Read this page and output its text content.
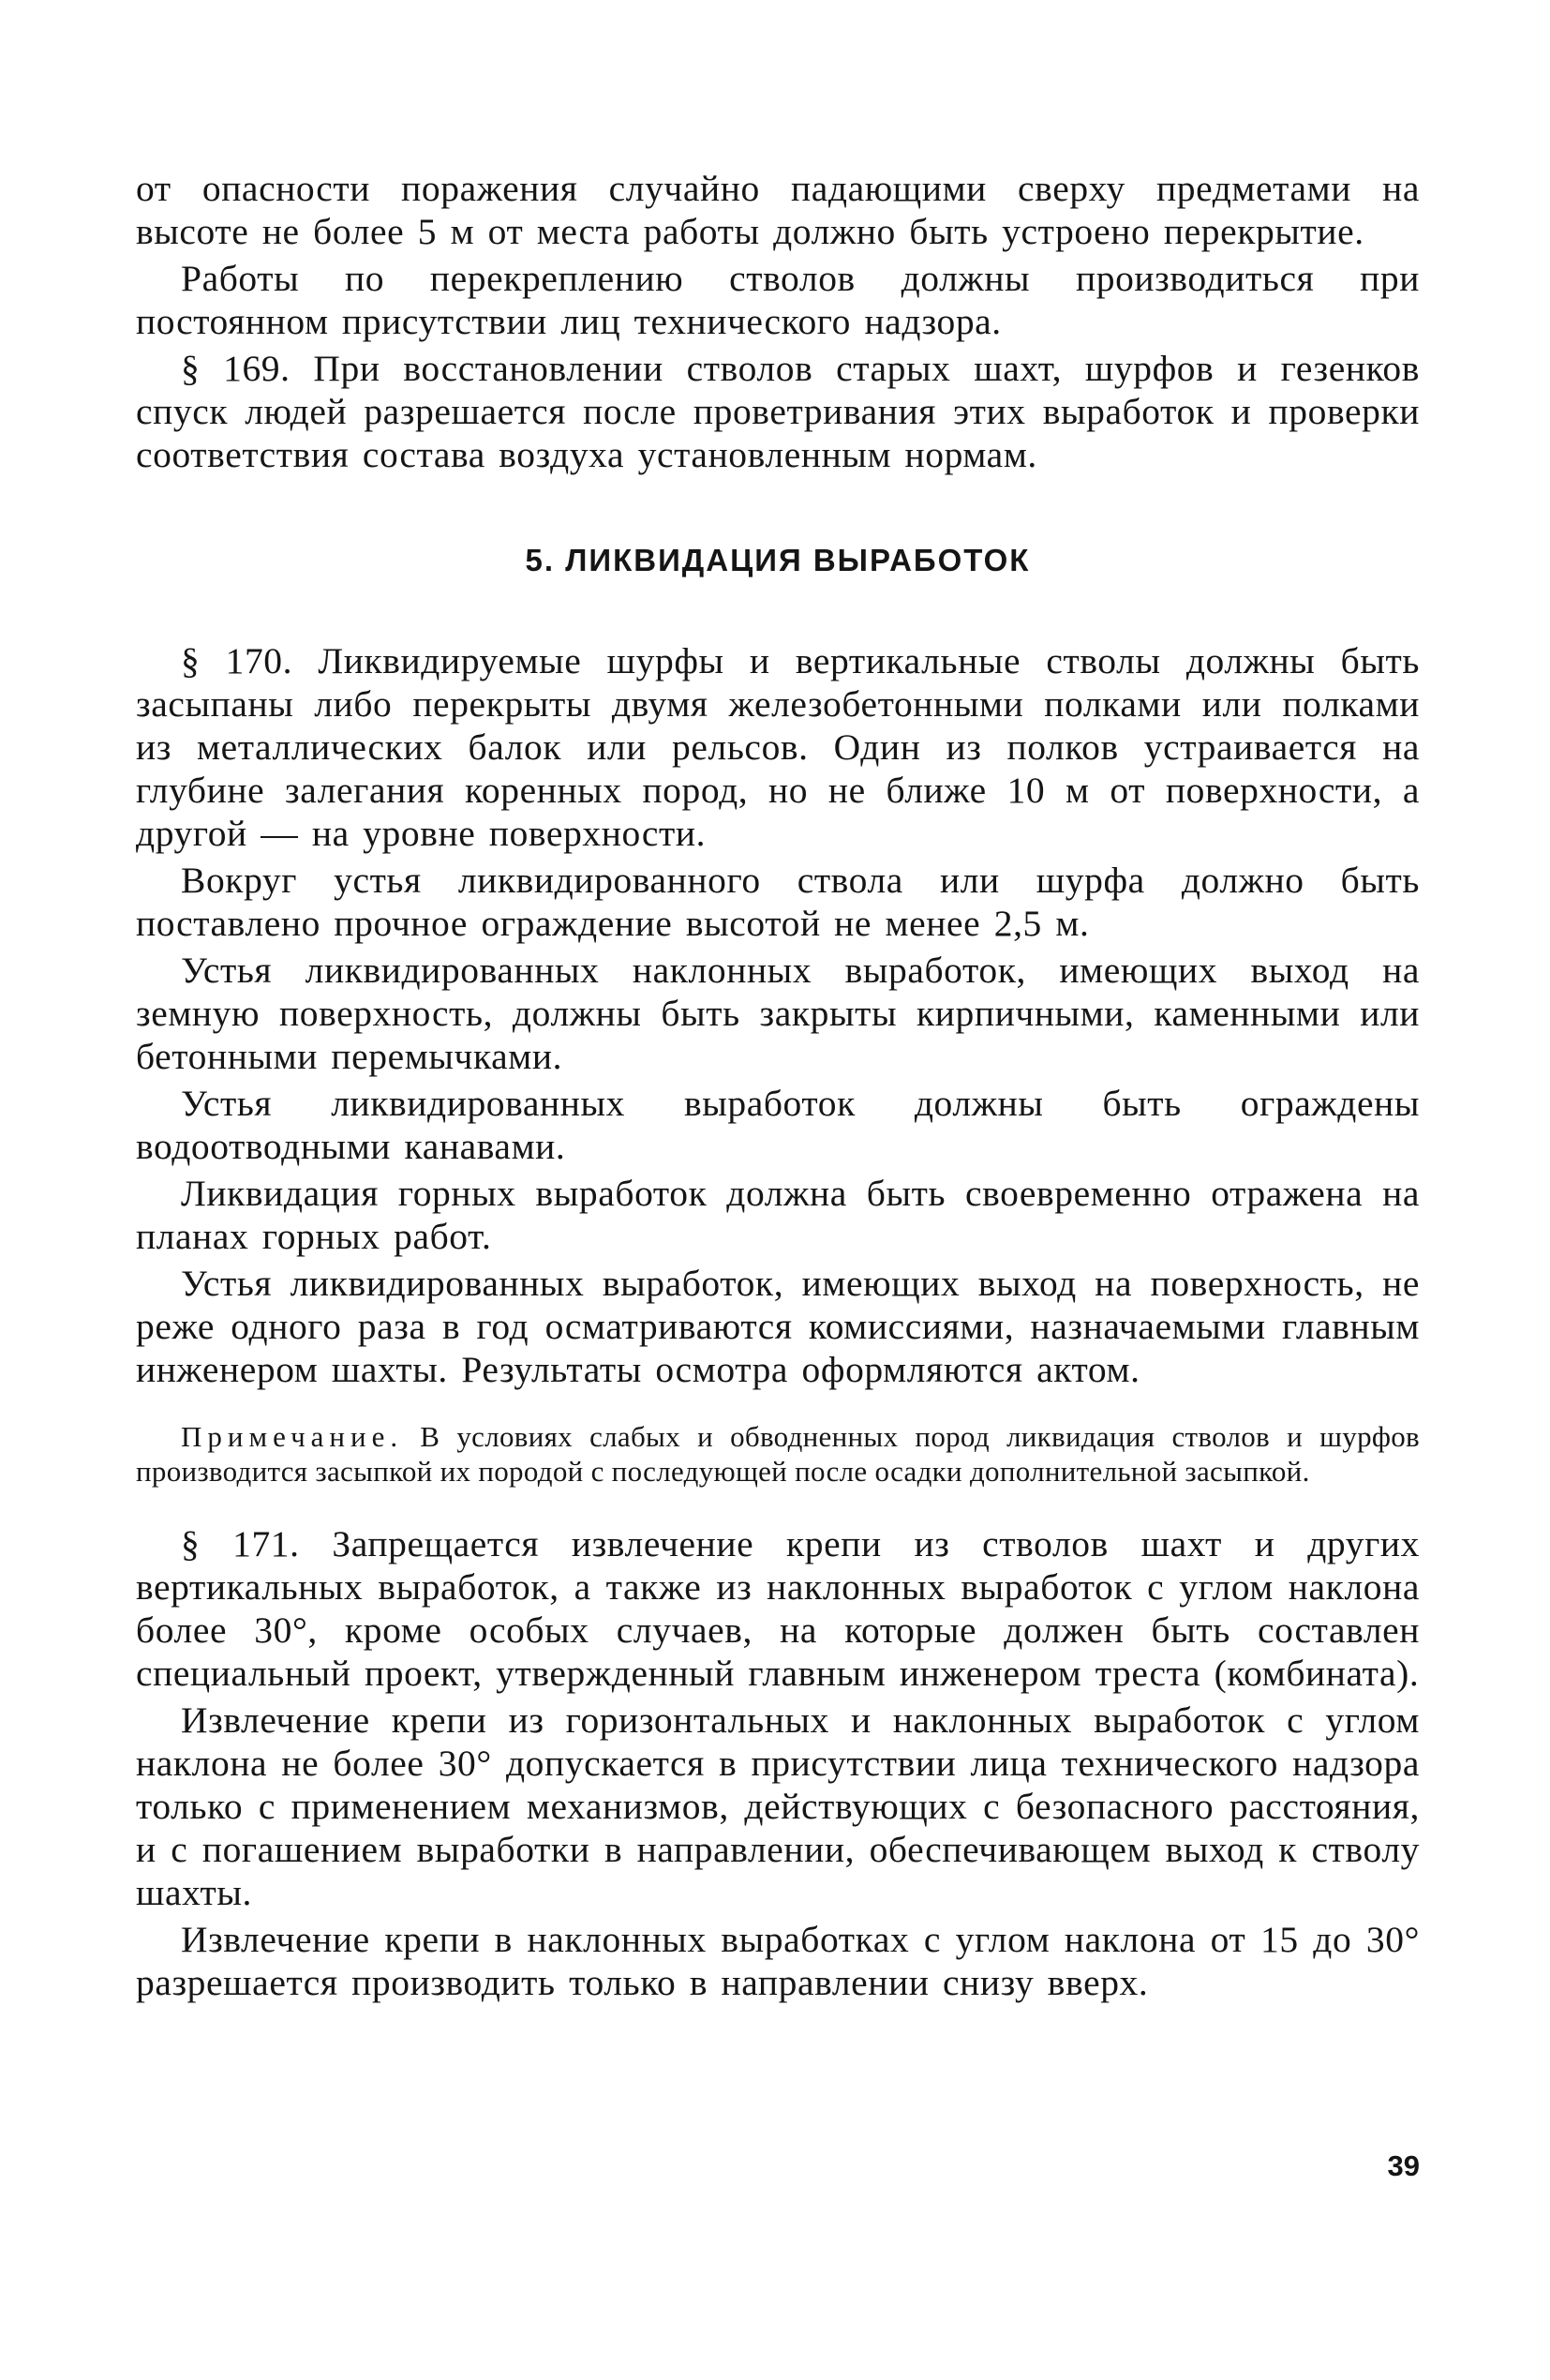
от опасности поражения случайно падающими сверху предметами на высоте не более 5 м от места работы должно быть устроено перекрытие.

Работы по перекреплению стволов должны производиться при постоянном присутствии лиц технического надзора.

§ 169. При восстановлении стволов старых шахт, шурфов и гезенков спуск людей разрешается после проветривания этих выработок и проверки соответствия состава воздуха установленным нормам.

5. ЛИКВИДАЦИЯ ВЫРАБОТОК

§ 170. Ликвидируемые шурфы и вертикальные стволы должны быть засыпаны либо перекрыты двумя железобетонными полками или полками из металлических балок или рельсов. Один из полков устраивается на глубине залегания коренных пород, но не ближе 10 м от поверхности, а другой — на уровне поверхности.

Вокруг устья ликвидированного ствола или шурфа должно быть поставлено прочное ограждение высотой не менее 2,5 м.

Устья ликвидированных наклонных выработок, имеющих выход на земную поверхность, должны быть закрыты кирпичными, каменными или бетонными перемычками.

Устья ликвидированных выработок должны быть ограждены водоотводными канавами.

Ликвидация горных выработок должна быть своевременно отражена на планах горных работ.

Устья ликвидированных выработок, имеющих выход на поверхность, не реже одного раза в год осматриваются комиссиями, назначаемыми главным инженером шахты. Результаты осмотра оформляются актом.

Примечание. В условиях слабых и обводненных пород ликвидация стволов и шурфов производится засыпкой их породой с последующей после осадки дополнительной засыпкой.

§ 171. Запрещается извлечение крепи из стволов шахт и других вертикальных выработок, а также из наклонных выработок с углом наклона более 30°, кроме особых случаев, на которые должен быть составлен специальный проект, утвержденный главным инженером треста (комбината).

Извлечение крепи из горизонтальных и наклонных выработок с углом наклона не более 30° допускается в присутствии лица технического надзора только с применением механизмов, действующих с безопасного расстояния, и с погашением выработки в направлении, обеспечивающем выход к стволу шахты.

Извлечение крепи в наклонных выработках с углом наклона от 15 до 30° разрешается производить только в направлении снизу вверх.

39
